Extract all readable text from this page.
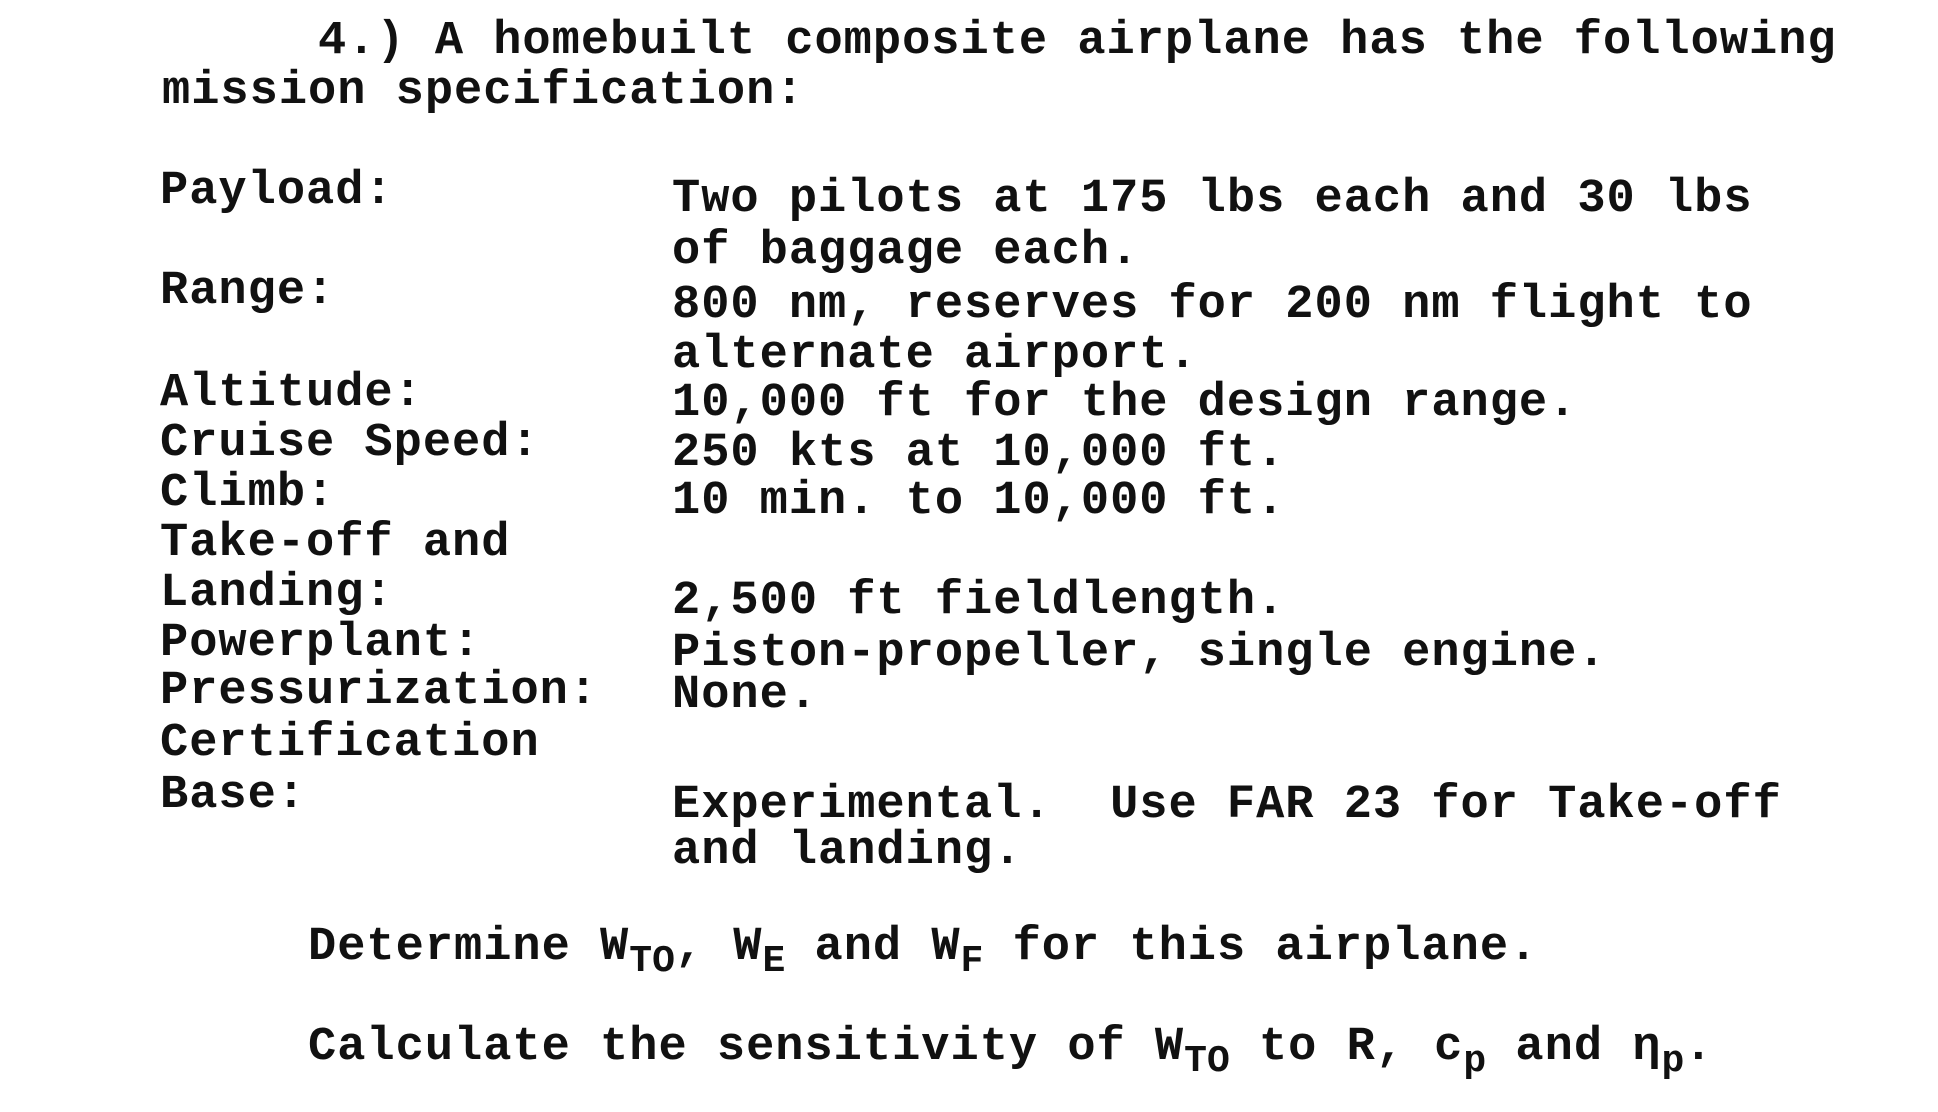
4.) A homebuilt composite airplane has the following
mission specification:
Payload:	Two pilots at 175 lbs each and 30 lbs
of baggage each.
Range:	800 nm, reserves for 200 nm flight to
alternate airport.
Altitude:	10,000 ft for the design range.
Cruise Speed:	250 kts at 10,000 ft.
Climb:	10 min. to 10,000 ft.
Take-off and
Landing:	2,500 ft fieldlength.
Powerplant:	Piston-propeller, single engine.
Pressurization: None.
Certification
Base:	Experimental.  Use FAR 23 for Take-off
and landing.
Determine $W_{TO}$, $W_E$ and $W_F$ for this airplane.
Calculate the sensitivity of $W_{TO}$ to R, $c_p$ and $\eta_p$.
